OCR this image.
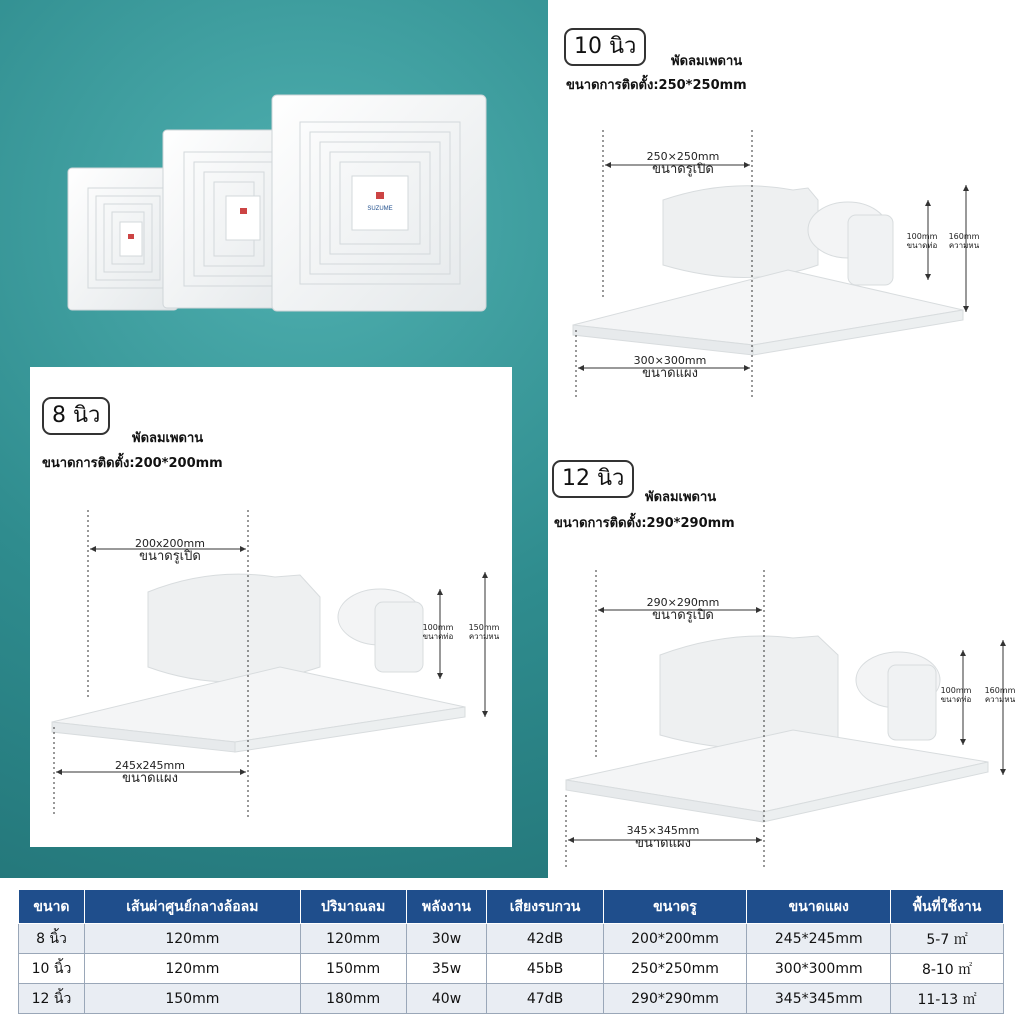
SUZUME
10 นิว
พัดลมเพดาน
ขนาดการติดตั้ง:250*250mm
250×250mm
ขนาดรูเปิด
300×300mm
ขนาดแผง
100mm
ขนาดท่อ
160mm
ความหน
8 นิว
พัดลมเพดาน
ขนาดการติดตั้ง:200*200mm
200x200mm
ขนาดรูเปิด
245x245mm
ขนาดแผง
100mm
ขนาดท่อ
150mm
ความหน
12 นิว
พัดลมเพดาน
ขนาดการติดตั้ง:290*290mm
290×290mm
ขนาดรูเปิด
345×345mm
ขนาดแผง
100mm
ขนาดท่อ
160mm
ความหน
ขนาด	เส้นผ่าศูนย์กลางล้อลม	ปริมาณลม	พลังงาน	เสียงรบกวน	ขนาดรู	ขนาดแผง	พื้นที่ใช้งาน
8 นิ้ว	120mm	120mm	30w	42dB	200*200mm	245*245mm	5-7 ㎡
10 นิ้ว	120mm	150mm	35w	45bB	250*250mm	300*300mm	8-10 ㎡
12 นิ้ว	150mm	180mm	40w	47dB	290*290mm	345*345mm	11-13 ㎡
